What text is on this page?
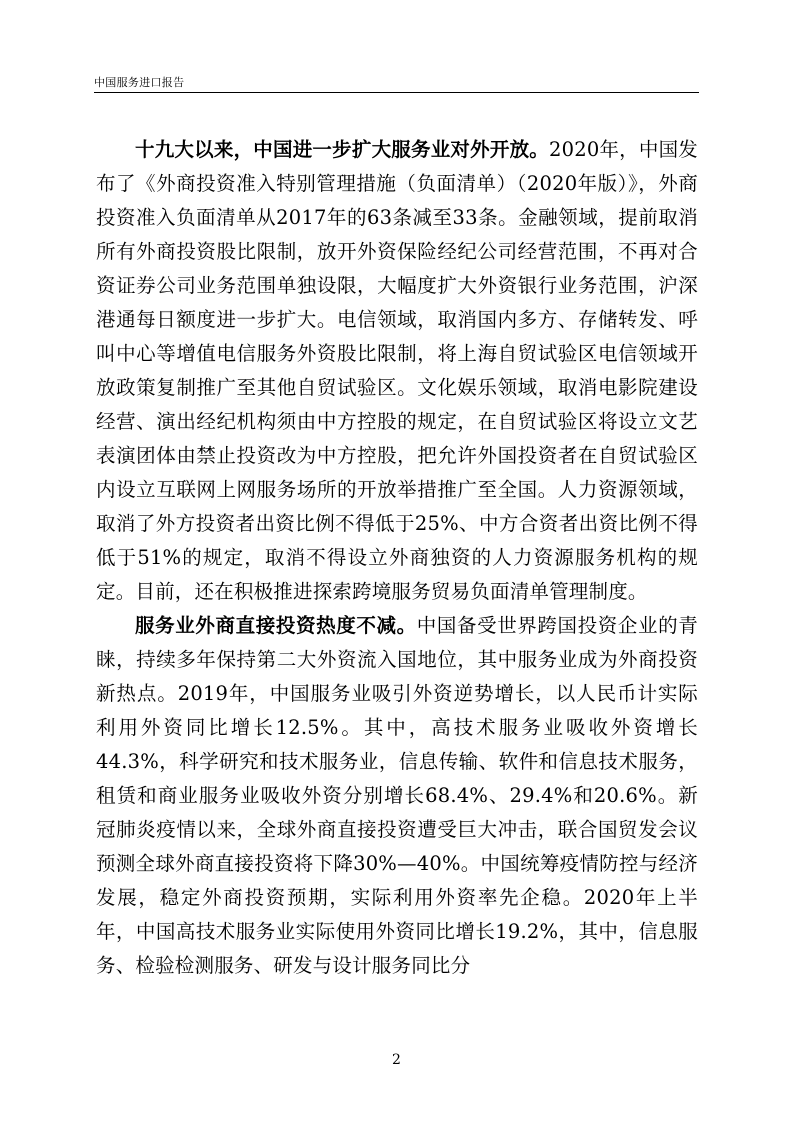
中国服务进口报告

十九大以来，中国进一步扩大服务业对外开放。2020年，中国发布了《外商投资准入特别管理措施（负面清单）（2020年版）》，外商投资准入负面清单从2017年的63条减至33条。金融领域，提前取消所有外商投资股比限制，放开外资保险经纪公司经营范围，不再对合资证券公司业务范围单独设限，大幅度扩大外资银行业务范围，沪深港通每日额度进一步扩大。电信领域，取消国内多方、存储转发、呼叫中心等增值电信服务外资股比限制，将上海自贸试验区电信领域开放政策复制推广至其他自贸试验区。文化娱乐领域，取消电影院建设经营、演出经纪机构须由中方控股的规定，在自贸试验区将设立文艺表演团体由禁止投资改为中方控股，把允许外国投资者在自贸试验区内设立互联网上网服务场所的开放举措推广至全国。人力资源领域，取消了外方投资者出资比例不得低于25%、中方合资者出资比例不得低于51%的规定，取消不得设立外商独资的人力资源服务机构的规定。目前，还在积极推进探索跨境服务贸易负面清单管理制度。

服务业外商直接投资热度不减。中国备受世界跨国投资企业的青睐，持续多年保持第二大外资流入国地位，其中服务业成为外商投资新热点。2019年，中国服务业吸引外资逆势增长，以人民币计实际利用外资同比增长12.5%。其中，高技术服务业吸收外资增长44.3%，科学研究和技术服务业，信息传输、软件和信息技术服务，租赁和商业服务业吸收外资分别增长68.4%、29.4%和20.6%。新冠肺炎疫情以来，全球外商直接投资遭受巨大冲击，联合国贸发会议预测全球外商直接投资将下降30%—40%。中国统筹疫情防控与经济发展，稳定外商投资预期，实际利用外资率先企稳。2020年上半年，中国高技术服务业实际使用外资同比增长19.2%，其中，信息服务、检验检测服务、研发与设计服务同比分

2
